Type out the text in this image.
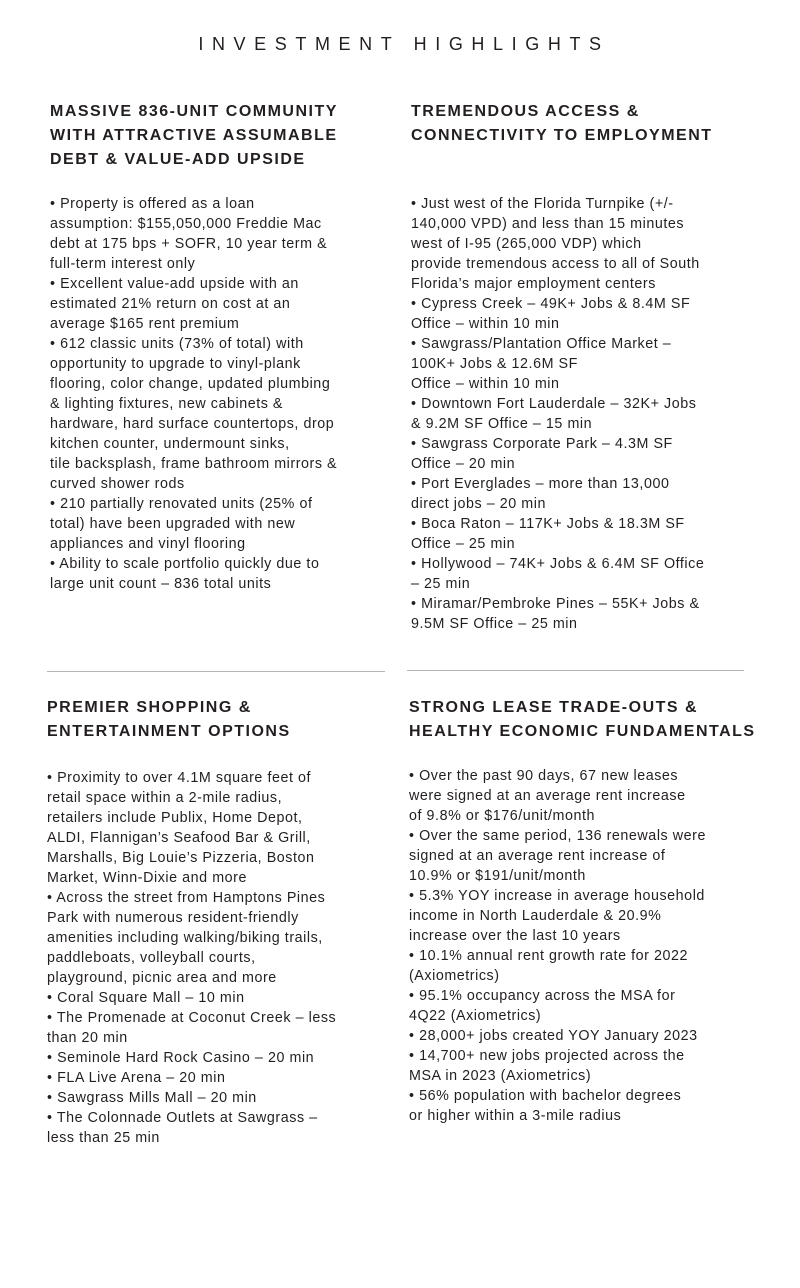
INVESTMENT HIGHLIGHTS
MASSIVE 836-UNIT COMMUNITY
WITH ATTRACTIVE ASSUMABLE
DEBT & VALUE-ADD UPSIDE
• Property is offered as a loan
assumption: $155,050,000 Freddie Mac
debt at 175 bps + SOFR, 10 year term &
full-term interest only
• Excellent value-add upside with an
estimated 21% return on cost at an
average $165 rent premium
• 612 classic units (73% of total) with
opportunity to upgrade to vinyl-plank
flooring, color change, updated plumbing
& lighting fixtures, new cabinets &
hardware, hard surface countertops, drop
kitchen counter, undermount sinks,
tile backsplash, frame bathroom mirrors &
curved shower rods
• 210 partially renovated units (25% of
total) have been upgraded with new
appliances and vinyl flooring
• Ability to scale portfolio quickly due to
large unit count – 836 total units
TREMENDOUS ACCESS &
CONNECTIVITY TO EMPLOYMENT
• Just west of the Florida Turnpike (+/-
140,000 VPD) and less than 15 minutes
west of I-95 (265,000 VDP) which
provide tremendous access to all of South
Florida’s major employment centers
• Cypress Creek – 49K+ Jobs & 8.4M SF
Office – within 10 min
• Sawgrass/Plantation Office Market –
100K+ Jobs & 12.6M SF
Office – within 10 min
• Downtown Fort Lauderdale – 32K+ Jobs
& 9.2M SF Office – 15 min
• Sawgrass Corporate Park – 4.3M SF
Office – 20 min
• Port Everglades – more than 13,000
direct jobs – 20 min
• Boca Raton – 117K+ Jobs & 18.3M SF
Office – 25 min
• Hollywood – 74K+ Jobs & 6.4M SF Office
– 25 min
• Miramar/Pembroke Pines – 55K+ Jobs &
9.5M SF Office – 25 min
PREMIER SHOPPING &
ENTERTAINMENT OPTIONS
• Proximity to over 4.1M square feet of
retail space within a 2-mile radius,
retailers include Publix, Home Depot,
ALDI, Flannigan’s Seafood Bar & Grill,
Marshalls, Big Louie’s Pizzeria, Boston
Market, Winn-Dixie and more
• Across the street from Hamptons Pines
Park with numerous resident-friendly
amenities including walking/biking trails,
paddleboats, volleyball courts,
playground, picnic area and more
• Coral Square Mall – 10 min
• The Promenade at Coconut Creek – less
than 20 min
• Seminole Hard Rock Casino – 20 min
• FLA Live Arena – 20 min
• Sawgrass Mills Mall – 20 min
• The Colonnade Outlets at Sawgrass –
less than 25 min
STRONG LEASE TRADE-OUTS &
HEALTHY ECONOMIC FUNDAMENTALS
• Over the past 90 days, 67 new leases
were signed at an average rent increase
of 9.8% or $176/unit/month
• Over the same period, 136 renewals were
signed at an average rent increase of
10.9% or $191/unit/month
• 5.3% YOY increase in average household
income in North Lauderdale & 20.9%
increase over the last 10 years
• 10.1% annual rent growth rate for 2022
(Axiometrics)
• 95.1% occupancy across the MSA for
4Q22 (Axiometrics)
• 28,000+ jobs created YOY January 2023
• 14,700+ new jobs projected across the
MSA in 2023 (Axiometrics)
• 56% population with bachelor degrees
or higher within a 3-mile radius
